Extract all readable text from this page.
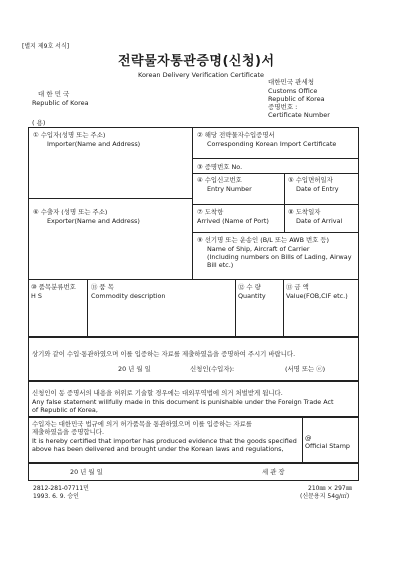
[별지 제9호 서식]
전략물자통관증명(신청)서
Korean Delivery Verification Certificate
대 한 민 국
Republic of Korea
대한민국 관세청
Customs Office
Republic of Korea
증명번호 :
Certificate Number
( 용)
① 수입자(성명 또는 주소)
Importer(Name and Address)
② 해당 전략물자수입증명서
Corresponding Korean Import Certificate
③ 증명번호 No.
④ 수입신고번호
Entry Number
⑤ 수입면허일자
Date of Entry
⑥ 수출자 (성명 또는 주소)
Exporter(Name and Address)
⑦ 도착항
Arrived (Name of Port)
⑧ 도착일자
Date of Arrival
⑨ 선기명 또는 운송인 (B/L 또는 AWB 번호 등)
Name of Ship, Aircraft of Carrier
(Including numbers on Bills of Lading, Airway
Bill etc.)
⑩ 품목분류번호
H S
⑪ 품 목
Commodity description
⑫ 수 량
Quantity
⑬ 금 액
Value(FOB,CIF etc.)
상기와 같이 수입·통관하였으며 이를 입증하는 자료를 제출하였음을 증명하여 주시기 바랍니다.
20 년 월 일	신청인(수입자):	(서명 또는 ⓔ)
신청인이 동 증명서의 내용을 허위로 기술할 경우에는 대외무역법에 의거 처벌받게 됩니다.
Any false statement willfully made in this document is punishable under the Foreign Trade Act
of Republic of Korea,
수입자는 대한민국 법규에 의거 허가품목을 통관하였으며 이를 입증하는 자료를
제출하였음을 증명합니다.
It is hereby certified that importer has produced evidence that the goods specified above has been delivered and brought under the Korean laws and regulations,
@
Official Stamp
20 년 월 일	세 관 장
2812-281-07711민
1993. 6. 9. 승인
210㎜ × 297㎜
(신문용지 54g/㎡)
